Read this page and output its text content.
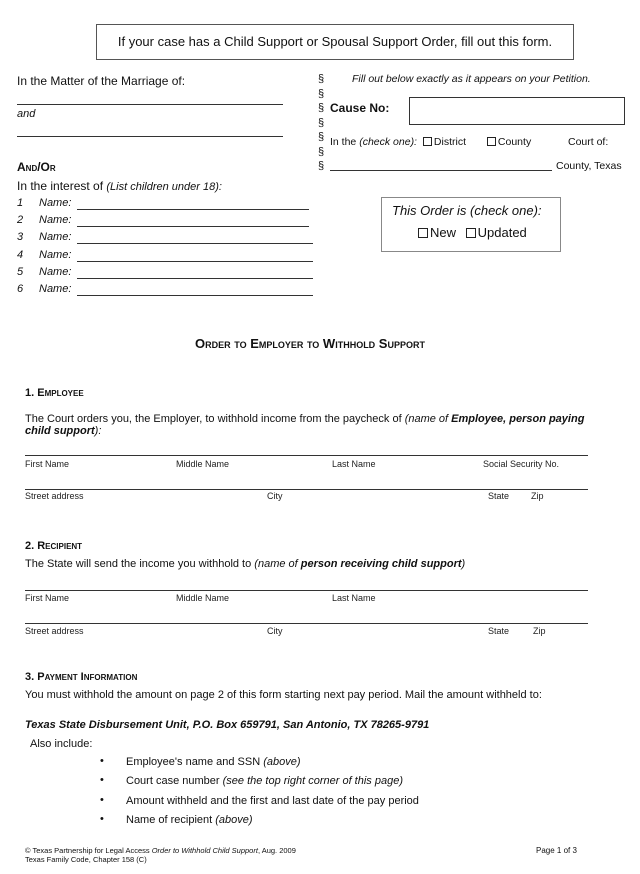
If your case has a Child Support or Spousal Support Order, fill out this form.
In the Matter of the Marriage of:
and
And/Or
In the interest of (List children under 18):
1 Name:
2 Name:
3 Name:
4 Name:
5 Name:
6 Name:
§
§
§
§
§
§
§
Fill out below exactly as it appears on your Petition.
Cause No:
In the (check one): District	County	Court of:
County, Texas
This Order is (check one):
New Updated
Order to Employer to Withhold Support
1. Employee
The Court orders you, the Employer, to withhold income from the paycheck of (name of Employee, person paying child support):
First Name	Middle Name	Last Name	Social Security No.
Street address	City	State Zip
2. Recipient
The State will send the income you withhold to (name of person receiving child support)
First Name	Middle Name	Last Name
Street address	City	State	Zip
3. Payment Information
You must withhold the amount on page 2 of this form starting next pay period. Mail the amount withheld to:
Texas State Disbursement Unit, P.O. Box 659791, San Antonio, TX 78265-9791
Also include:
• Employee's name and SSN (above)
• Court case number (see the top right corner of this page)
• Amount withheld and the first and last date of the pay period
• Name of recipient (above)
© Texas Partnership for Legal Access Order to Withhold Child Support, Aug. 2009
Texas Family Code, Chapter 158 (C)
Page 1 of 3
